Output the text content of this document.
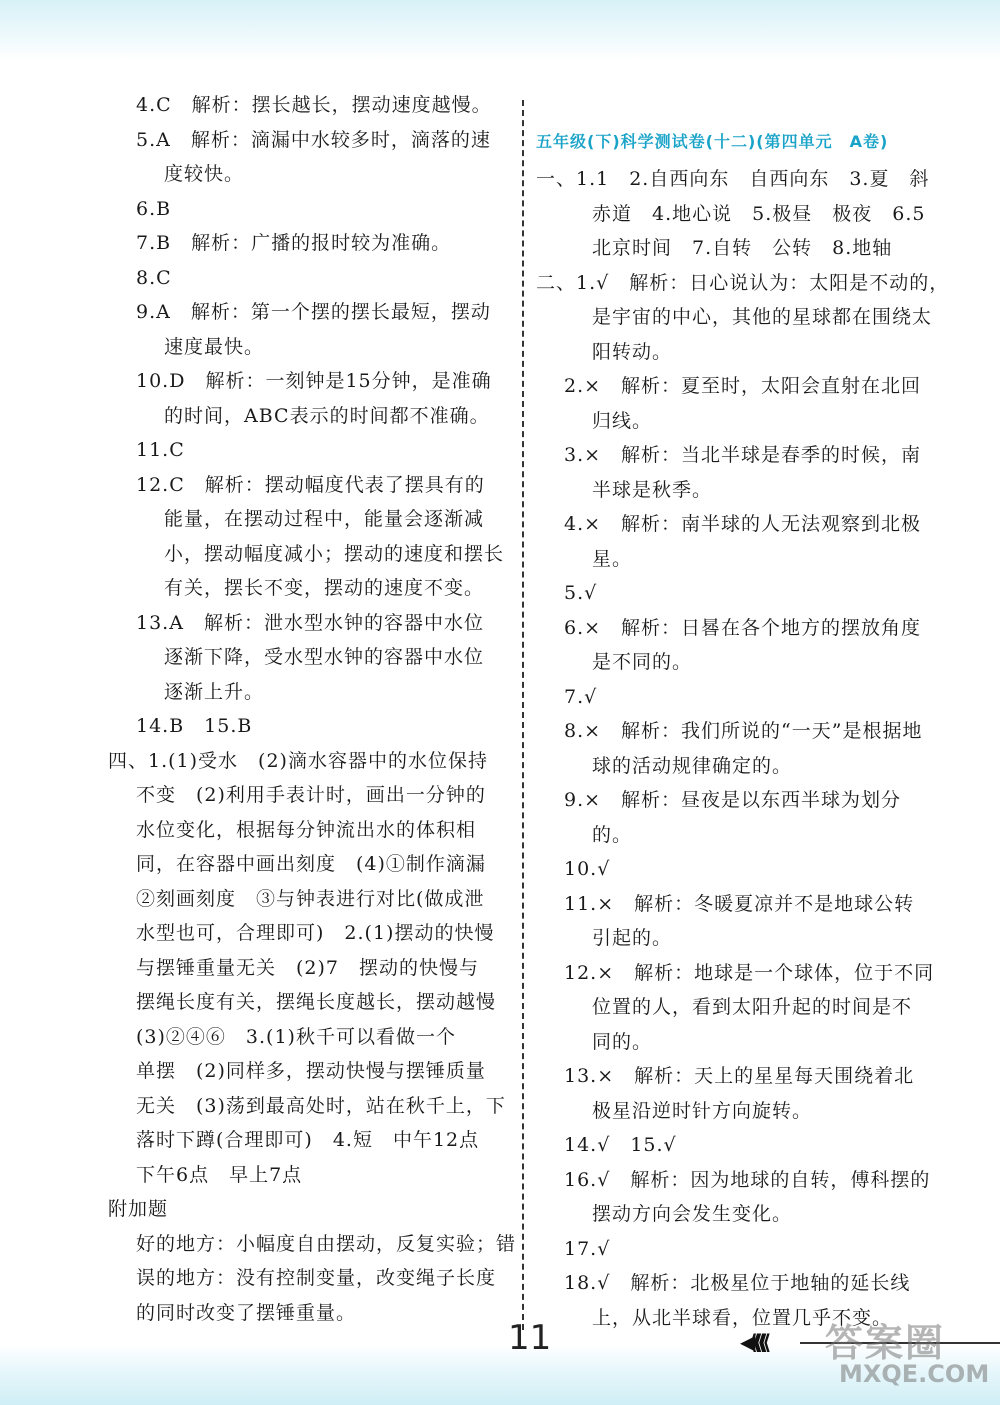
4.C　解析：摆长越长，摆动速度越慢。
5.A　解析：滴漏中水较多时，滴落的速
度较快。
6.B
7.B　解析：广播的报时较为准确。
8.C
9.A　解析：第一个摆的摆长最短，摆动
速度最快。
10.D　解析：一刻钟是15分钟，是准确
的时间，ABC表示的时间都不准确。
11.C
12.C　解析：摆动幅度代表了摆具有的
能量，在摆动过程中，能量会逐渐减
小，摆动幅度减小；摆动的速度和摆长
有关，摆长不变，摆动的速度不变。
13.A　解析：泄水型水钟的容器中水位
逐渐下降，受水型水钟的容器中水位
逐渐上升。
14.B　15.B
四、1.(1)受水　(2)滴水容器中的水位保持
不变　(2)利用手表计时，画出一分钟的
水位变化，根据每分钟流出水的体积相
同，在容器中画出刻度　(4)①制作滴漏
②刻画刻度　③与钟表进行对比(做成泄
水型也可，合理即可)　2.(1)摆动的快慢
与摆锤重量无关　(2)7　摆动的快慢与
摆绳长度有关，摆绳长度越长，摆动越慢
(3)②④⑥　3.(1)秋千可以看做一个
单摆　(2)同样多，摆动快慢与摆锤质量
无关　(3)荡到最高处时，站在秋千上，下
落时下蹲(合理即可)　4.短　中午12点
下午6点　早上7点
附加题
好的地方：小幅度自由摆动，反复实验；错
误的地方：没有控制变量，改变绳子长度
的同时改变了摆锤重量。
五年级(下)科学测试卷(十二)(第四单元　A卷)
一、1.1　2.自西向东　自西向东　3.夏　斜
赤道　4.地心说　5.极昼　极夜　6.5
北京时间　7.自转　公转　8.地轴
二、1.√　解析：日心说认为：太阳是不动的，
是宇宙的中心，其他的星球都在围绕太
阳转动。
2.×　解析：夏至时，太阳会直射在北回
归线。
3.×　解析：当北半球是春季的时候，南
半球是秋季。
4.×　解析：南半球的人无法观察到北极
星。
5.√
6.×　解析：日晷在各个地方的摆放角度
是不同的。
7.√
8.×　解析：我们所说的“一天”是根据地
球的活动规律确定的。
9.×　解析：昼夜是以东西半球为划分
的。
10.√
11.×　解析：冬暖夏凉并不是地球公转
引起的。
12.×　解析：地球是一个球体，位于不同
位置的人，看到太阳升起的时间是不
同的。
13.×　解析：天上的星星每天围绕着北
极星沿逆时针方向旋转。
14.√　15.√
16.√　解析：因为地球的自转，傅科摆的
摆动方向会发生变化。
17.√
18.√　解析：北极星位于地轴的延长线
上，从北半球看，位置几乎不变。
11	◀⟪⟪⟪	答案圈
MXQE.COM
